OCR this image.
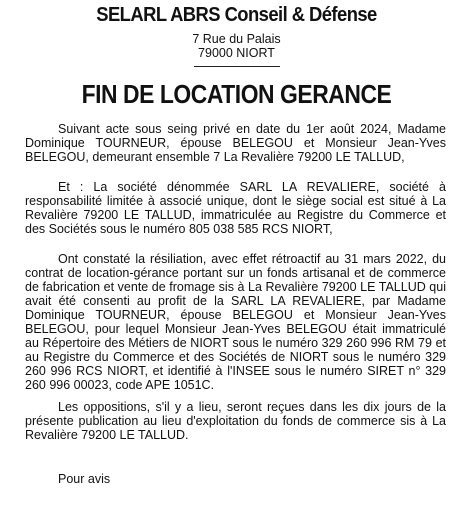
SELARL ABRS Conseil & Défense
7 Rue du Palais
79000 NIORT
FIN DE LOCATION GERANCE

Suivant acte sous seing privé en date du 1er août 2024, Madame Dominique TOURNEUR, épouse BELEGOU et Monsieur Jean-Yves BELEGOU, demeurant ensemble 7 La Revalière 79200 LE TALLUD,

Et : La société dénommée SARL LA REVALIERE, société à responsabilité limitée à associé unique, dont le siège social est situé à La Revalière 79200 LE TALLUD, immatriculée au Registre du Commerce et des Sociétés sous le numéro 805 038 585 RCS NIORT,

Ont constaté la résiliation, avec effet rétroactif au 31 mars 2022, du contrat de location-gérance portant sur un fonds artisanal et de commerce de fabrication et vente de fromage sis à La Revalière 79200 LE TALLUD qui avait été consenti au profit de la SARL LA REVALIERE, par Madame Dominique TOURNEUR, épouse BELEGOU et Monsieur Jean-Yves BELEGOU, pour lequel Monsieur Jean-Yves BELEGOU était immatriculé au Répertoire des Métiers de NIORT sous le numéro 329 260 996 RM 79 et au Registre du Commerce et des Sociétés de NIORT sous le numéro 329 260 996 RCS NIORT, et identifié à l'INSEE sous le numéro SIRET n° 329 260 996 00023, code APE 1051C.

Les oppositions, s'il y a lieu, seront reçues dans les dix jours de la présente publication au lieu d'exploitation du fonds de commerce sis à La Revalière 79200 LE TALLUD.

Pour avis
